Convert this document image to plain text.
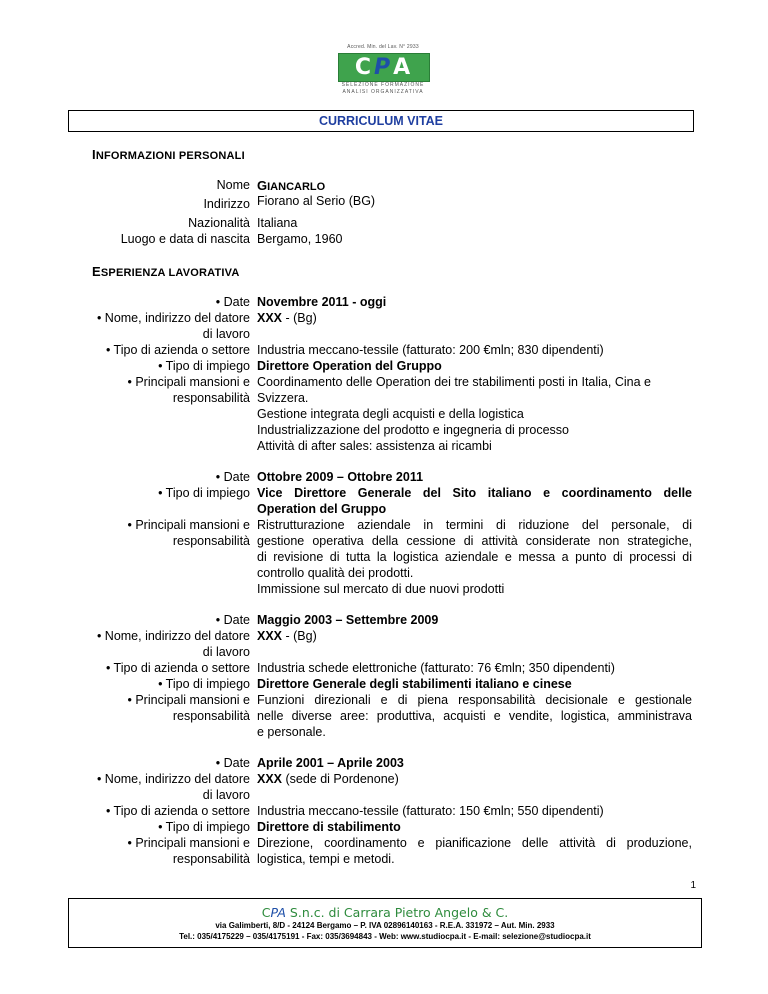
Accred. Min. del Lav. N° 2933
CPA
SELEZIONE FORMAZIONE
ANALISI ORGANIZZATIVA
CURRICULUM VITAE
INFORMAZIONI PERSONALI
Nome
Indirizzo
Nazionalità
Luogo e data di nascita
GIANCARLO
Fiorano al Serio (BG)
Italiana
Bergamo, 1960
ESPERIENZA LAVORATIVA
• Date
• Nome, indirizzo del datore
di lavoro
• Tipo di azienda o settore
• Tipo di impiego
• Principali mansioni e
responsabilità
Novembre 2011 - oggi
XXX - (Bg)
Industria meccano-tessile (fatturato: 200 €mln; 830 dipendenti)
Direttore Operation del Gruppo
Coordinamento delle Operation dei tre stabilimenti posti in Italia, Cina e
Svizzera.
Gestione integrata degli acquisti e della logistica
Industrializzazione del prodotto e ingegneria di processo
Attività di after sales: assistenza ai ricambi
• Date
• Tipo di impiego
• Principali mansioni e
responsabilità
Ottobre 2009 – Ottobre 2011
Vice Direttore Generale del Sito italiano e coordinamento delle
Operation del Gruppo
Ristrutturazione aziendale in termini di riduzione del personale, di
gestione operativa della cessione di attività considerate non strategiche,
di revisione di tutta la logistica aziendale e messa a punto di processi di
controllo qualità dei prodotti.
Immissione sul mercato di due nuovi prodotti
• Date
• Nome, indirizzo del datore
di lavoro
• Tipo di azienda o settore
• Tipo di impiego
• Principali mansioni e
responsabilità
Maggio 2003 – Settembre 2009
XXX - (Bg)
Industria schede elettroniche (fatturato: 76 €mln; 350 dipendenti)
Direttore Generale degli stabilimenti italiano e cinese
Funzioni direzionali e di piena responsabilità decisionale e gestionale
nelle diverse aree: produttiva, acquisti e vendite, logistica, amministrava
e personale.
• Date
• Nome, indirizzo del datore
di lavoro
• Tipo di azienda o settore
• Tipo di impiego
• Principali mansioni e
responsabilità
Aprile 2001 – Aprile 2003
XXX (sede di Pordenone)
Industria meccano-tessile (fatturato: 150 €mln; 550 dipendenti)
Direttore di stabilimento
Direzione, coordinamento e pianificazione delle attività di produzione,
logistica, tempi e metodi.
1
CPA S.n.c. di Carrara Pietro Angelo & C.
via Galimberti, 8/D - 24124 Bergamo – P. IVA 02896140163 - R.E.A. 331972 – Aut. Min. 2933
Tel.: 035/4175229 – 035/4175191 - Fax: 035/3694843 - Web: www.studiocpa.it - E-mail: selezione@studiocpa.it
